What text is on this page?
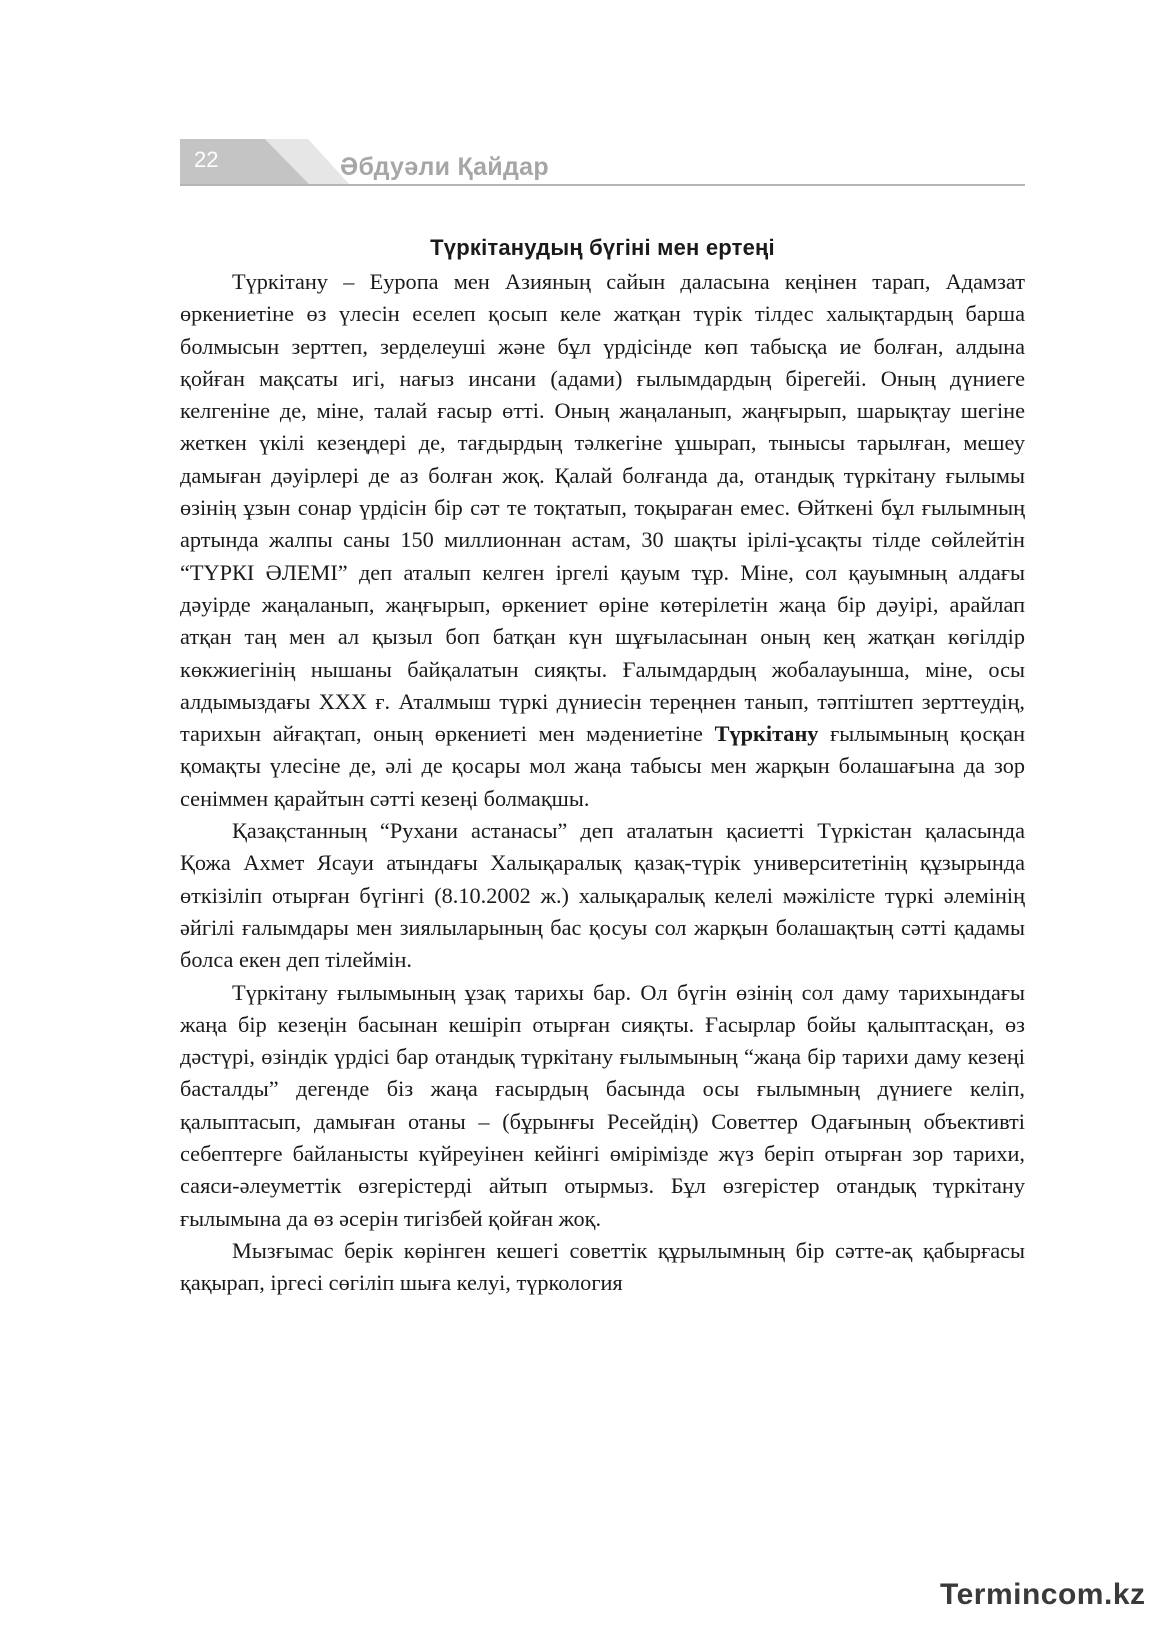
22	Әбдуәли Қайдар
Түркітанудың бүгіні мен ертеңі

Түркітану – Еуропа мен Азияның сайын даласына кеңінен тарап, Адамзат өркениетіне өз үлесін еселеп қосып келе жатқан түрік тілдес халықтардың барша болмысын зерттеп, зерделеуші және бұл үрдісінде көп табысқа ие болған, алдына қойған мақсаты игі, нағыз инсани (адами) ғылымдардың бірегейі. Оның дүниеге келгеніне де, міне, талай ғасыр өтті. Оның жаңаланып, жаңғырып, шарықтау шегіне жеткен үкілі кезеңдері де, тағдырдың тәлкегіне ұшырап, тынысы тарылған, мешеу дамыған дәуірлері де аз болған жоқ. Қалай болғанда да, отандық түркітану ғылымы өзінің ұзын сонар үрдісін бір сәт те тоқтатып, тоқыраған емес. Өйткені бұл ғылымның артында жалпы саны 150 миллионнан астам, 30 шақты ірілі-ұсақты тілде сөйлейтін “ТҮРКІ ӘЛЕМІ” деп аталып келген іргелі қауым тұр. Міне, сол қауымның алдағы дәуірде жаңаланып, жаңғырып, өркениет өріне көтерілетін жаңа бір дәуірі, арайлап атқан таң мен ал қызыл боп батқан күн шұғыласынан оның кең жатқан көгілдір көкжиегінің нышаны байқалатын сияқты. Ғалымдардың жобалауынша, міне, осы алдымыздағы XXX ғ. Аталмыш түркі дүниесін тереңнен танып, тәптіштеп зерттеудің, тарихын айғақтап, оның өркениеті мен мәдениетіне Түркітану ғылымының қосқан қомақты үлесіне де, әлі де қосары мол жаңа табысы мен жарқын болашағына да зор сеніммен қарайтын сәтті кезеңі болмақшы.

Қазақстанның “Рухани астанасы” деп аталатын қасиетті Түркістан қаласында Қожа Ахмет Ясауи атындағы Халықаралық қазақ-түрік университетінің құзырында өткізіліп отырған бүгінгі (8.10.2002 ж.) халықаралық келелі мәжілісте түркі әлемінің әйгілі ғалымдары мен зиялыларының бас қосуы сол жарқын болашақтың сәтті қадамы болса екен деп тілеймін.

Түркітану ғылымының ұзақ тарихы бар. Ол бүгін өзінің сол даму тарихындағы жаңа бір кезеңін басынан кешіріп отырған сияқты. Ғасырлар бойы қалыптасқан, өз дәстүрі, өзіндік үрдісі бар отандық түркітану ғылымының “жаңа бір тарихи даму кезеңі басталды” дегенде біз жаңа ғасырдың басында осы ғылымның дүниеге келіп, қалыптасып, дамыған отаны – (бұрынғы Ресейдің) Советтер Одағының объективті себептерге байланысты күйреуінен кейінгі өмірімізде жүз беріп отырған зор тарихи, саяси-әлеуметтік өзгерістерді айтып отырмыз. Бұл өзгерістер отандық түркітану ғылымына да өз әсерін тигізбей қойған жоқ.

Мызғымас берік көрінген кешегі советтік құрылымның бір сәтте-ақ қабырғасы қақырап, іргесі сөгіліп шыға келуі, түркология

Termincom.kz
